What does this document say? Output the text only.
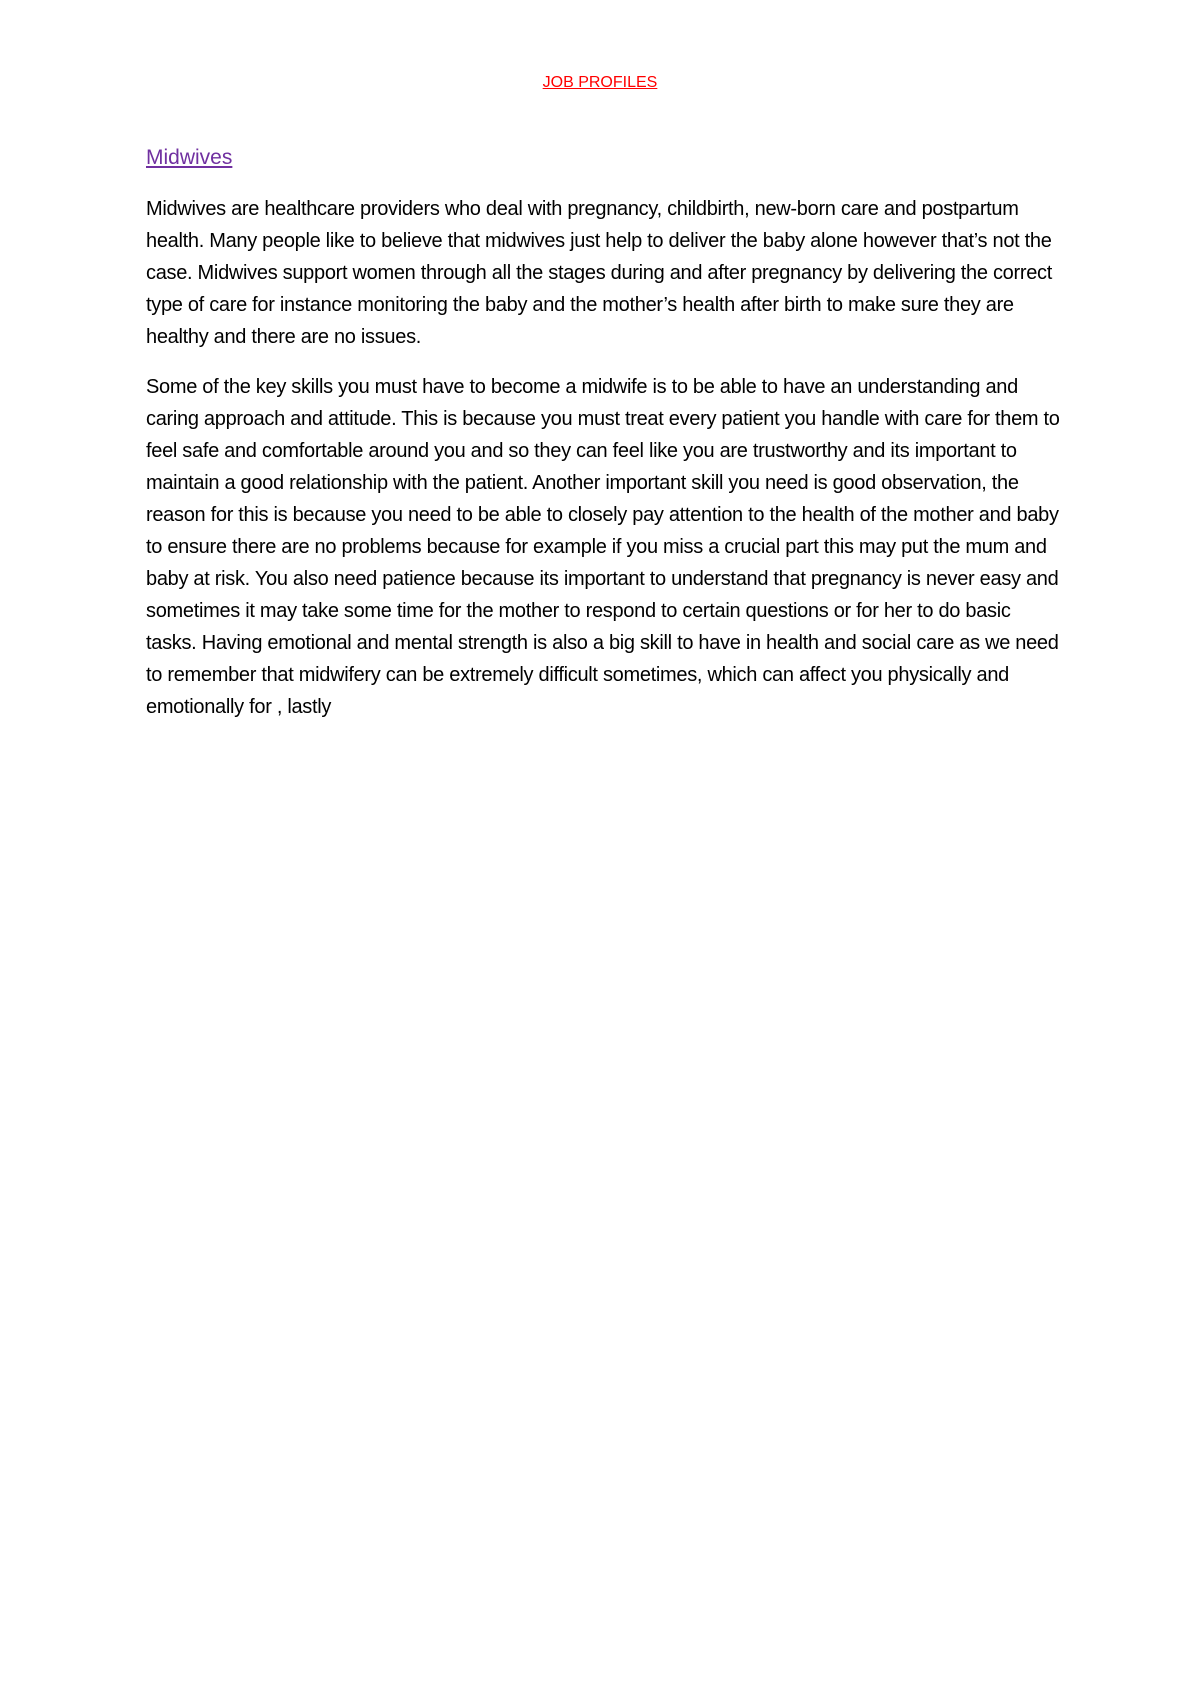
JOB PROFILES

Midwives

Midwives are healthcare providers who deal with pregnancy, childbirth, new-born care and postpartum health. Many people like to believe that midwives just help to deliver the baby alone however that’s not the case. Midwives support women through all the stages during and after pregnancy by delivering the correct type of care for instance monitoring the baby and the mother’s health after birth to make sure they are healthy and there are no issues.

Some of the key skills you must have to become a midwife is to be able to have an understanding and caring approach and attitude. This is because you must treat every patient you handle with care for them to feel safe and comfortable around you and so they can feel like you are trustworthy and its important to maintain a good relationship with the patient. Another important skill you need is good observation, the reason for this is because you need to be able to closely pay attention to the health of the mother and baby to ensure there are no problems because for example if you miss a crucial part this may put the mum and baby at risk. You also need patience because its important to understand that pregnancy is never easy and sometimes it may take some time for the mother to respond to certain questions or for her to do basic tasks. Having emotional and mental strength is also a big skill to have in health and social care as we need to remember that midwifery can be extremely difficult sometimes, which can affect you physically and emotionally for , lastly
